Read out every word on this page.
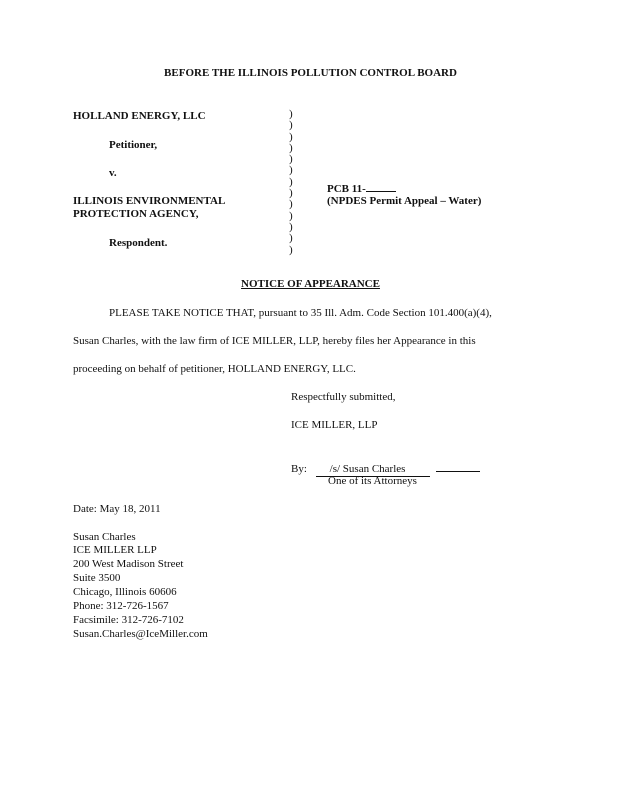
BEFORE THE ILLINOIS POLLUTION CONTROL BOARD
HOLLAND ENERGY, LLC
Petitioner,
v.
ILLINOIS ENVIRONMENTAL
PROTECTION AGENCY,
Respondent.
)
)
)
)
)
)
)
)
)
)
)
)
)
PCB 11-
(NPDES Permit Appeal – Water)
NOTICE OF APPEARANCE
PLEASE TAKE NOTICE THAT, pursuant to 35 Ill. Adm. Code Section 101.400(a)(4),
Susan Charles, with the law firm of ICE MILLER, LLP, hereby files her Appearance in this
proceeding on behalf of petitioner, HOLLAND ENERGY, LLC.
Respectfully submitted,
ICE MILLER, LLP
By: /s/ Susan Charles
One of its Attorneys
Date: May 18, 2011
Susan Charles
ICE MILLER LLP
200 West Madison Street
Suite 3500
Chicago, Illinois 60606
Phone: 312-726-1567
Facsimile: 312-726-7102
Susan.Charles@IceMiller.com
